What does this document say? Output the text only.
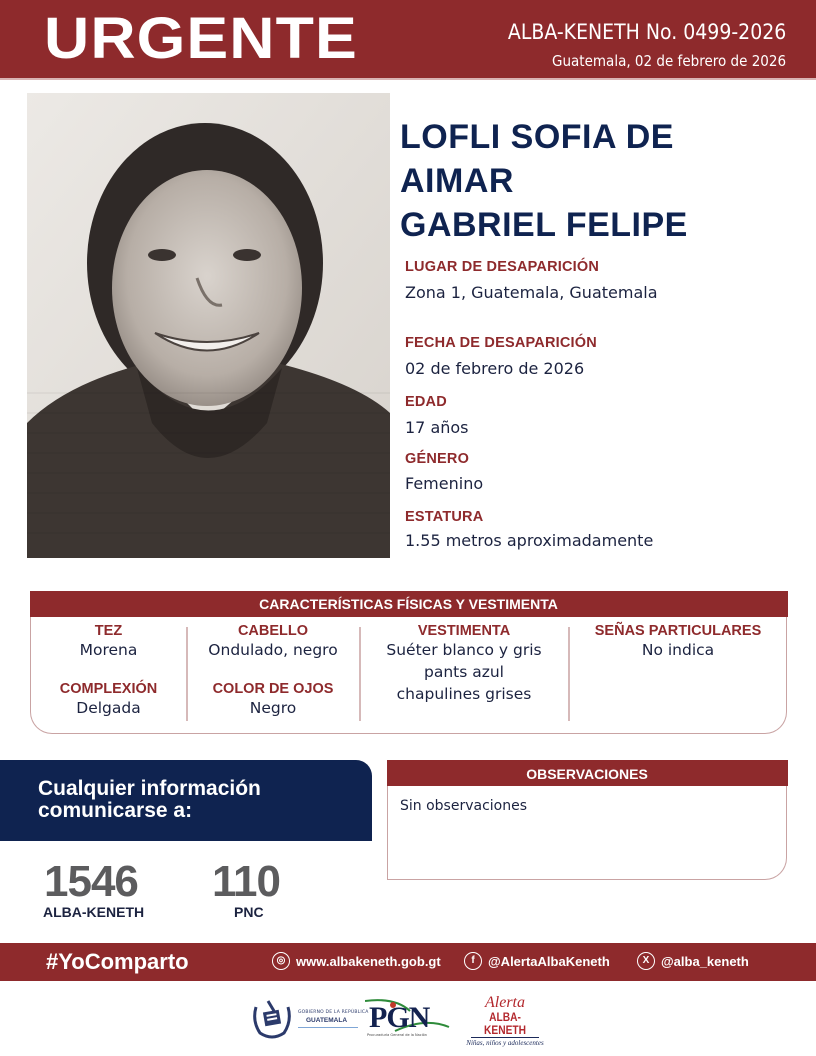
URGENTE	ALBA-KENETH No. 0499-2026
Guatemala, 02 de febrero de 2026
LOFLI SOFIA DE
AIMAR
GABRIEL FELIPE
LUGAR DE DESAPARICIÓN
Zona 1, Guatemala, Guatemala
FECHA DE DESAPARICIÓN
02 de febrero de 2026
EDAD
17 años
GÉNERO
Femenino
ESTATURA
1.55 metros aproximadamente
CARACTERÍSTICAS FÍSICAS Y VESTIMENTA
TEZ
Morena
COMPLEXIÓN
Delgada
CABELLO
Ondulado, negro
COLOR DE OJOS
Negro
VESTIMENTA
Suéter blanco y gris
pants azul
chapulines grises
SEÑAS PARTICULARES
No indica
Cualquier información
comunicarse a:
1546
ALBA-KENETH
110
PNC
OBSERVACIONES
Sin observaciones
#YoComparto	◎ www.albakeneth.gob.gt	f	@AlertaAlbaKeneth	X @alba_keneth
GOBIERNO DE LA REPÚBLICA
GUATEMALA PGN
Procuraduría General de la Nación
Alerta
ALBA-KENETH
Niñas, niños y adolescentes
